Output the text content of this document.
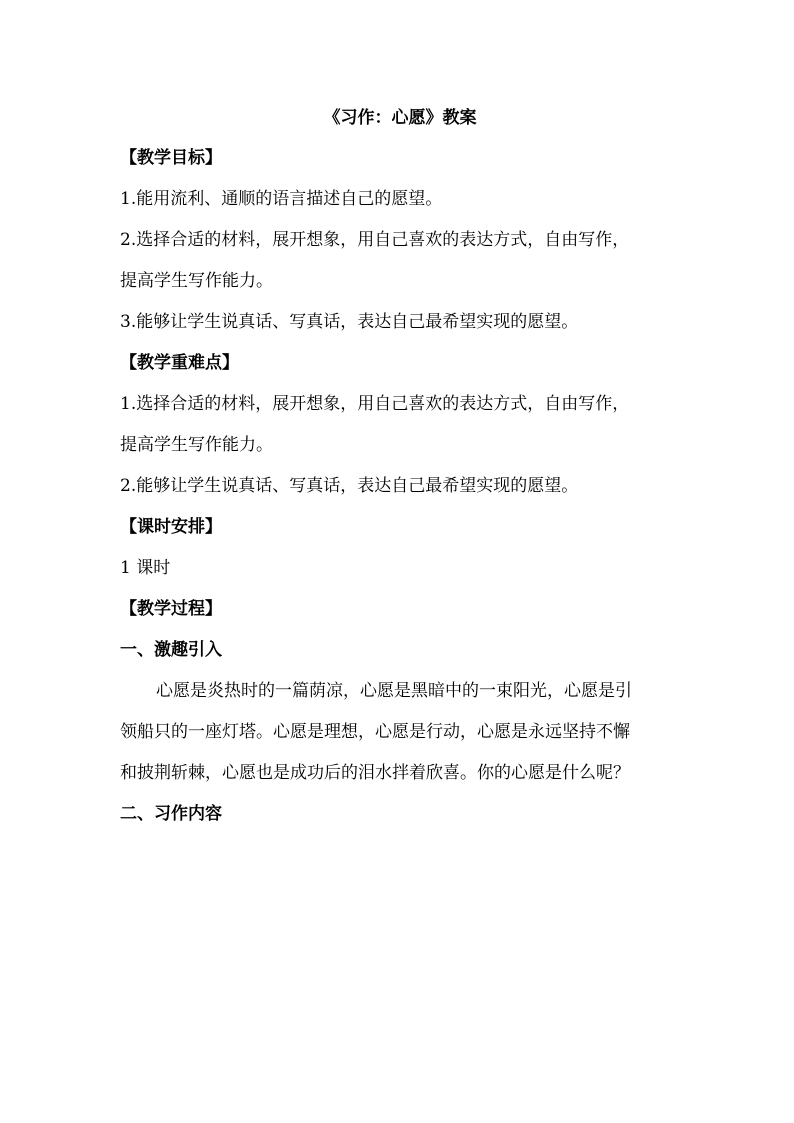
《习作：心愿》教案
【教学目标】
1.能用流利、通顺的语言描述自己的愿望。
2.选择合适的材料，展开想象，用自己喜欢的表达方式，自由写作，
提高学生写作能力。
3.能够让学生说真话、写真话，表达自己最希望实现的愿望。
【教学重难点】
1.选择合适的材料，展开想象，用自己喜欢的表达方式，自由写作，
提高学生写作能力。
2.能够让学生说真话、写真话，表达自己最希望实现的愿望。
【课时安排】
1 课时
【教学过程】
一、激趣引入
心愿是炎热时的一篇荫凉，心愿是黑暗中的一束阳光，心愿是引
领船只的一座灯塔。心愿是理想，心愿是行动，心愿是永远坚持不懈
和披荆斩棘，心愿也是成功后的泪水拌着欣喜。你的心愿是什么呢？
二、习作内容
